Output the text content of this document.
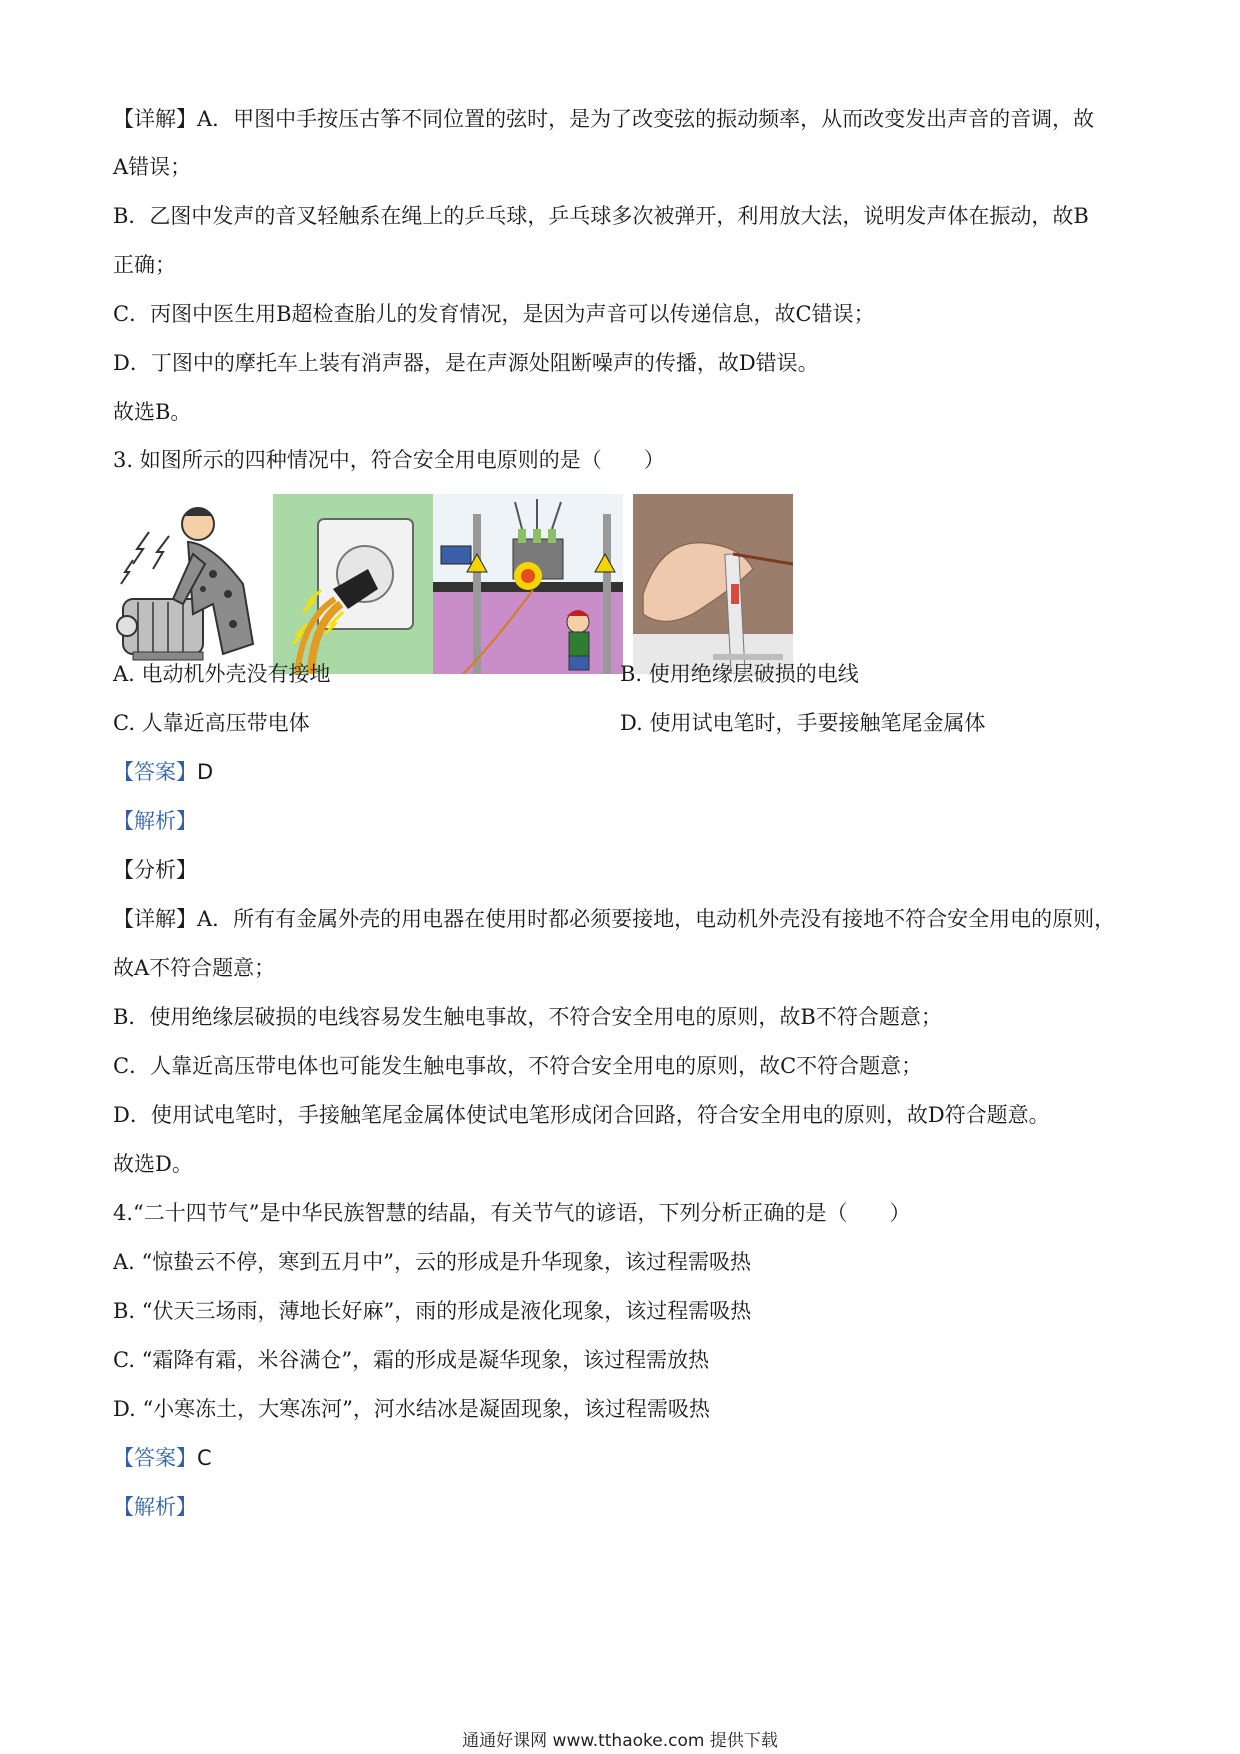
【详解】A．甲图中手按压古筝不同位置的弦时，是为了改变弦的振动频率，从而改变发出声音的音调，故
A错误；
B．乙图中发声的音叉轻触系在绳上的乒乓球，乒乓球多次被弹开，利用放大法，说明发声体在振动，故B
正确；
C．丙图中医生用B超检查胎儿的发育情况，是因为声音可以传递信息，故C错误；
D．丁图中的摩托车上装有消声器，是在声源处阻断噪声的传播，故D错误。
故选B。
3. 如图所示的四种情况中，符合安全用电原则的是（　　）
A. 电动机外壳没有接地	B. 使用绝缘层破损的电线
C. 人靠近高压带电体	D. 使用试电笔时，手要接触笔尾金属体
【答案】D
【解析】
【分析】
【详解】A．所有有金属外壳的用电器在使用时都必须要接地，电动机外壳没有接地不符合安全用电的原则，
故A不符合题意；
B．使用绝缘层破损的电线容易发生触电事故，不符合安全用电的原则，故B不符合题意；
C．人靠近高压带电体也可能发生触电事故，不符合安全用电的原则，故C不符合题意；
D．使用试电笔时，手接触笔尾金属体使试电笔形成闭合回路，符合安全用电的原则，故D符合题意。
故选D。
4.“二十四节气”是中华民族智慧的结晶，有关节气的谚语，下列分析正确的是（　　）
A. “惊蛰云不停，寒到五月中”，云的形成是升华现象，该过程需吸热
B. “伏天三场雨，薄地长好麻”，雨的形成是液化现象，该过程需吸热
C. “霜降有霜，米谷满仓”，霜的形成是凝华现象，该过程需放热
D. “小寒冻土，大寒冻河”，河水结冰是凝固现象，该过程需吸热
【答案】C
【解析】
通通好课网 www.tthaoke.com 提供下载
